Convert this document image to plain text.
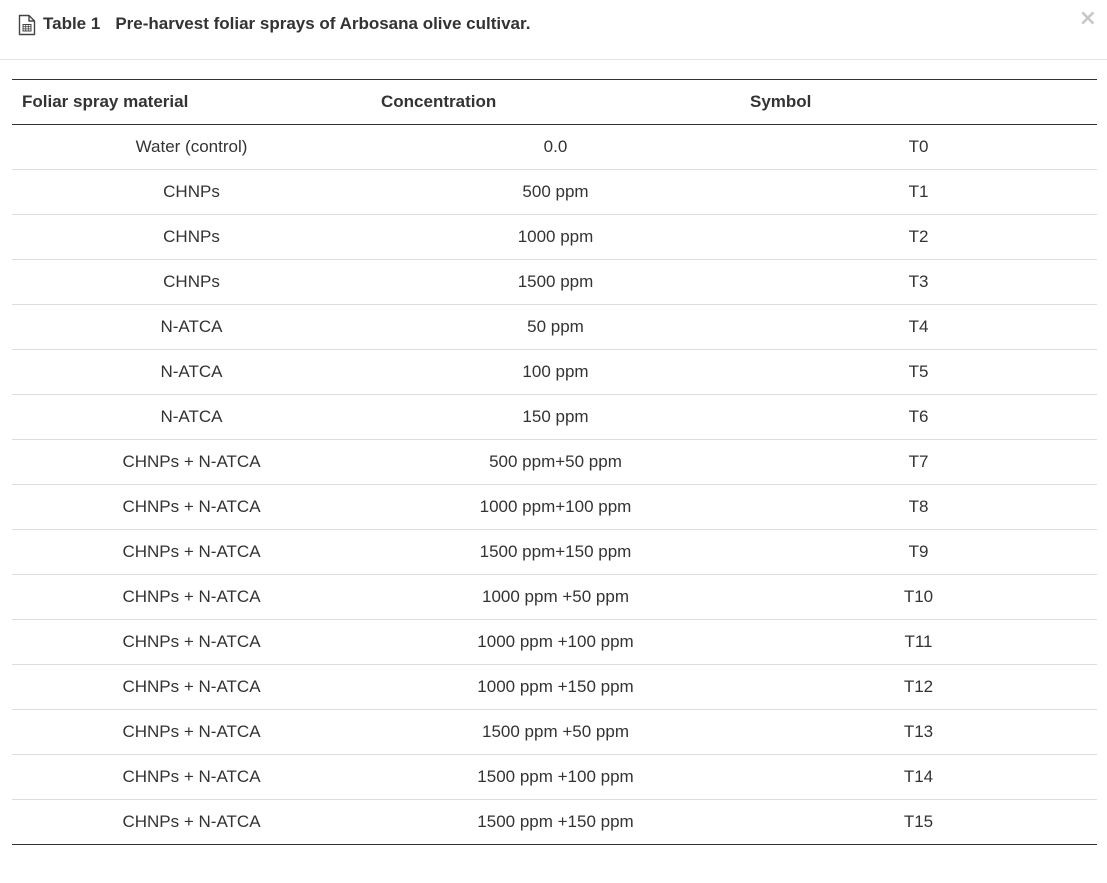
Table 1 Pre-harvest foliar sprays of Arbosana olive cultivar.	×
Foliar spray material	Concentration	Symbol
Water (control)	0.0	T0
CHNPs	500 ppm	T1
CHNPs	1000 ppm	T2
CHNPs	1500 ppm	T3
N-ATCA	50 ppm	T4
N-ATCA	100 ppm	T5
N-ATCA	150 ppm	T6
CHNPs + N-ATCA	500 ppm+50 ppm	T7
CHNPs + N-ATCA	1000 ppm+100 ppm	T8
CHNPs + N-ATCA	1500 ppm+150 ppm	T9
CHNPs + N-ATCA	1000 ppm +50 ppm	T10
CHNPs + N-ATCA	1000 ppm +100 ppm	T11
CHNPs + N-ATCA	1000 ppm +150 ppm	T12
CHNPs + N-ATCA	1500 ppm +50 ppm	T13
CHNPs + N-ATCA	1500 ppm +100 ppm	T14
CHNPs + N-ATCA	1500 ppm +150 ppm	T15
